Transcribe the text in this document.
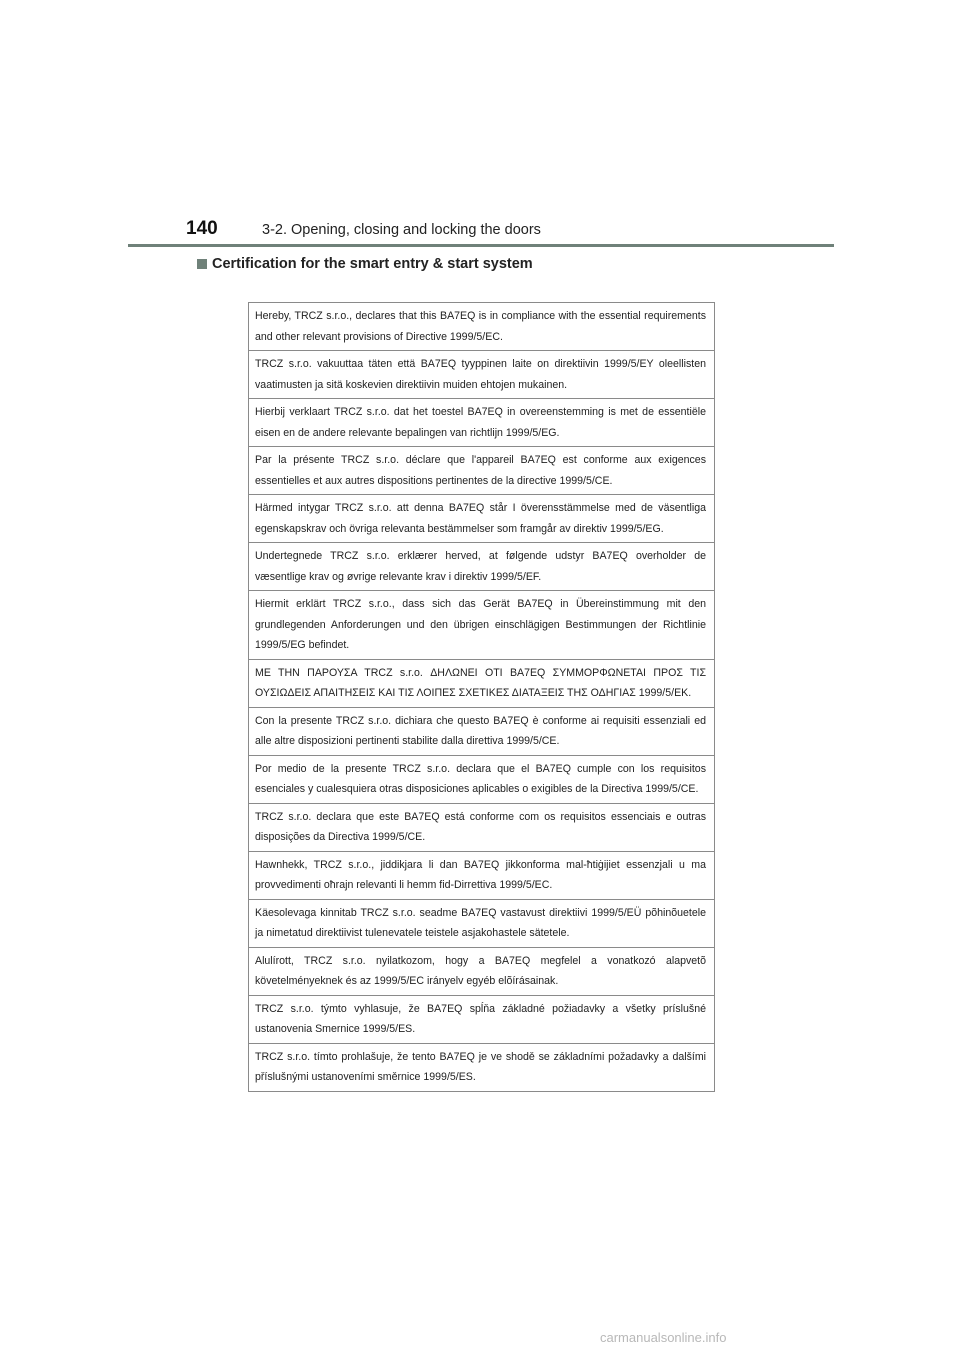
140	3-2. Opening, closing and locking the doors
Certification for the smart entry & start system
Hereby, TRCZ s.r.o., declares that this BA7EQ is in compliance with the essential requirements and other relevant provisions of Directive 1999/5/EC.
TRCZ s.r.o. vakuuttaa täten että BA7EQ tyyppinen laite on direktiivin 1999/5/EY oleellisten vaatimusten ja sitä koskevien direktiivin muiden ehtojen mukainen.
Hierbij verklaart TRCZ s.r.o. dat het toestel BA7EQ in overeenstemming is met de essentiële eisen en de andere relevante bepalingen van richtlijn 1999/5/EG.
Par la présente TRCZ s.r.o. déclare que l'appareil BA7EQ est conforme aux exigences essentielles et aux autres dispositions pertinentes de la directive 1999/5/CE.
Härmed intygar TRCZ s.r.o. att denna BA7EQ står I överensstämmelse med de väsentliga egenskapskrav och övriga relevanta bestämmelser som framgår av direktiv 1999/5/EG.
Undertegnede TRCZ s.r.o. erklærer herved, at følgende udstyr BA7EQ overholder de væsentlige krav og øvrige relevante krav i direktiv 1999/5/EF.
Hiermit erklärt TRCZ s.r.o., dass sich das Gerät BA7EQ in Übereinstimmung mit den grundlegenden Anforderungen und den übrigen einschlägigen Bestimmungen der Richtlinie 1999/5/EG befindet.
ΜΕ ΤΗΝ ΠΑΡΟΥΣΑ TRCZ s.r.o. ΔΗΛΩΝΕΙ ΟΤΙ BA7EQ ΣΥΜΜΟΡΦΩΝΕΤΑΙ ΠΡΟΣ ΤΙΣ ΟΥΣΙΩΔΕΙΣ ΑΠΑΙΤΗΣΕΙΣ ΚΑΙ ΤΙΣ ΛΟΙΠΕΣ ΣΧΕΤΙΚΕΣ ΔΙΑΤΑΞΕΙΣ ΤΗΣ ΟΔΗΓΙΑΣ 1999/5/ΕΚ.
Con la presente TRCZ s.r.o. dichiara che questo BA7EQ è conforme ai requisiti essenziali ed alle altre disposizioni pertinenti stabilite dalla direttiva 1999/5/CE.
Por medio de la presente TRCZ s.r.o. declara que el BA7EQ cumple con los requisitos esenciales y cualesquiera otras disposiciones aplicables o exigibles de la Directiva 1999/5/CE.
TRCZ s.r.o. declara que este BA7EQ está conforme com os requisitos essenciais e outras disposições da Directiva 1999/5/CE.
Hawnhekk, TRCZ s.r.o., jiddikjara li dan BA7EQ jikkonforma mal-ħtiġijiet essenzjali u ma provvedimenti oħrajn relevanti li hemm fid-Dirrettiva 1999/5/EC.
Käesolevaga kinnitab TRCZ s.r.o. seadme BA7EQ vastavust direktiivi 1999/5/EÜ põhinõuetele ja nimetatud direktiivist tulenevatele teistele asjakohastele sätetele.
Alulírott, TRCZ s.r.o. nyilatkozom, hogy a BA7EQ megfelel a vonatkozó alapvetõ követelményeknek és az 1999/5/EC irányelv egyéb elõírásainak.
TRCZ s.r.o. týmto vyhlasuje, že BA7EQ spĺňa základné požiadavky a všetky príslušné ustanovenia Smernice 1999/5/ES.
TRCZ s.r.o. tímto prohlašuje, že tento BA7EQ je ve shodě se základními požadavky a dalšími příslušnými ustanoveními směrnice 1999/5/ES.
carmanualsonline.info
